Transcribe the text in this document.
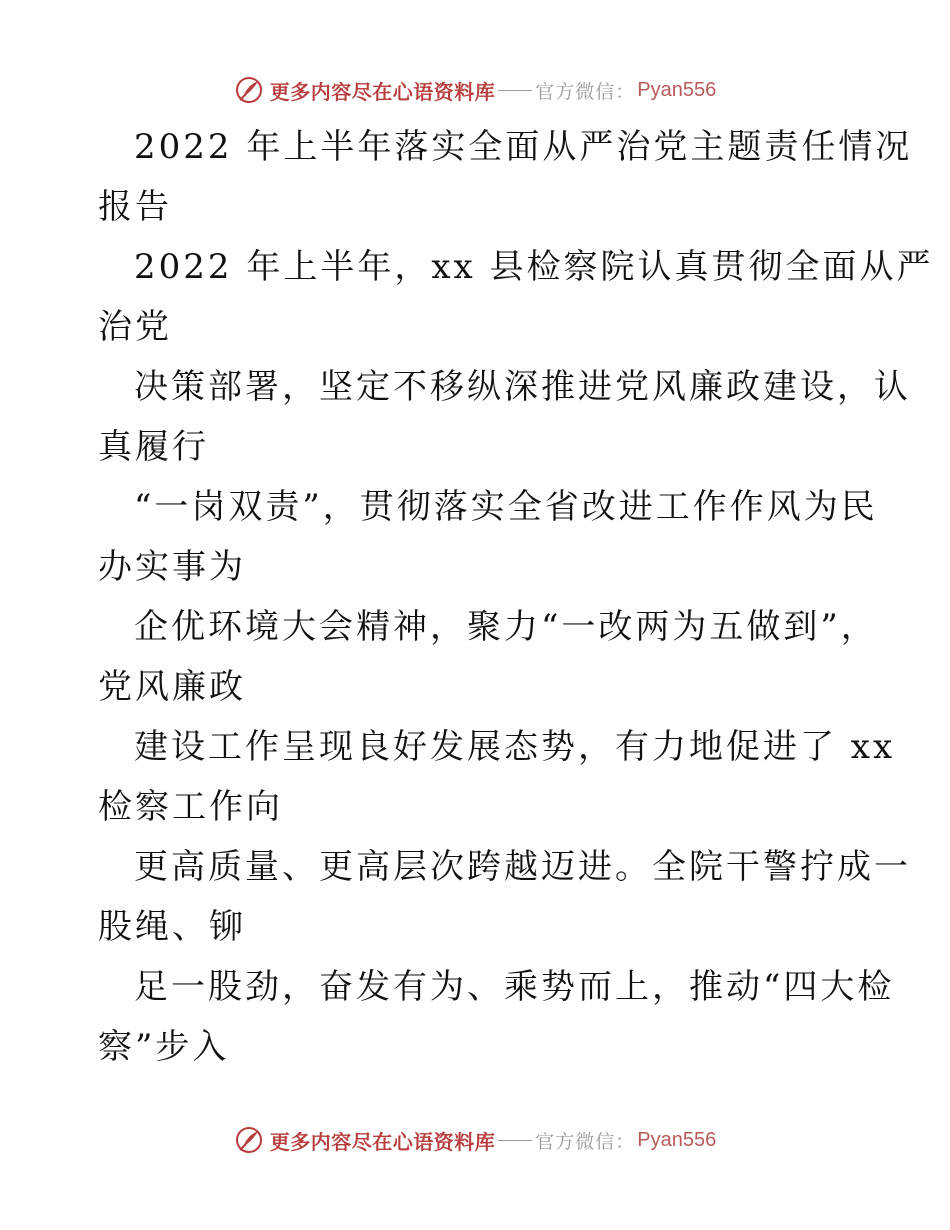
更多内容尽在心语资料库 官方微信： Pyan556
2022 年上半年落实全面从严治党主题责任情况
报告
2022 年上半年，xx 县检察院认真贯彻全面从严
治党
决策部署，坚定不移纵深推进党风廉政建设，认
真履行
“一岗双责”，贯彻落实全省改进工作作风为民
办实事为
企优环境大会精神，聚力“一改两为五做到”，
党风廉政
建设工作呈现良好发展态势，有力地促进了 xx
检察工作向
更高质量、更高层次跨越迈进。全院干警拧成一
股绳、铆
足一股劲，奋发有为、乘势而上，推动“四大检
察”步入
更多内容尽在心语资料库 官方微信： Pyan556
